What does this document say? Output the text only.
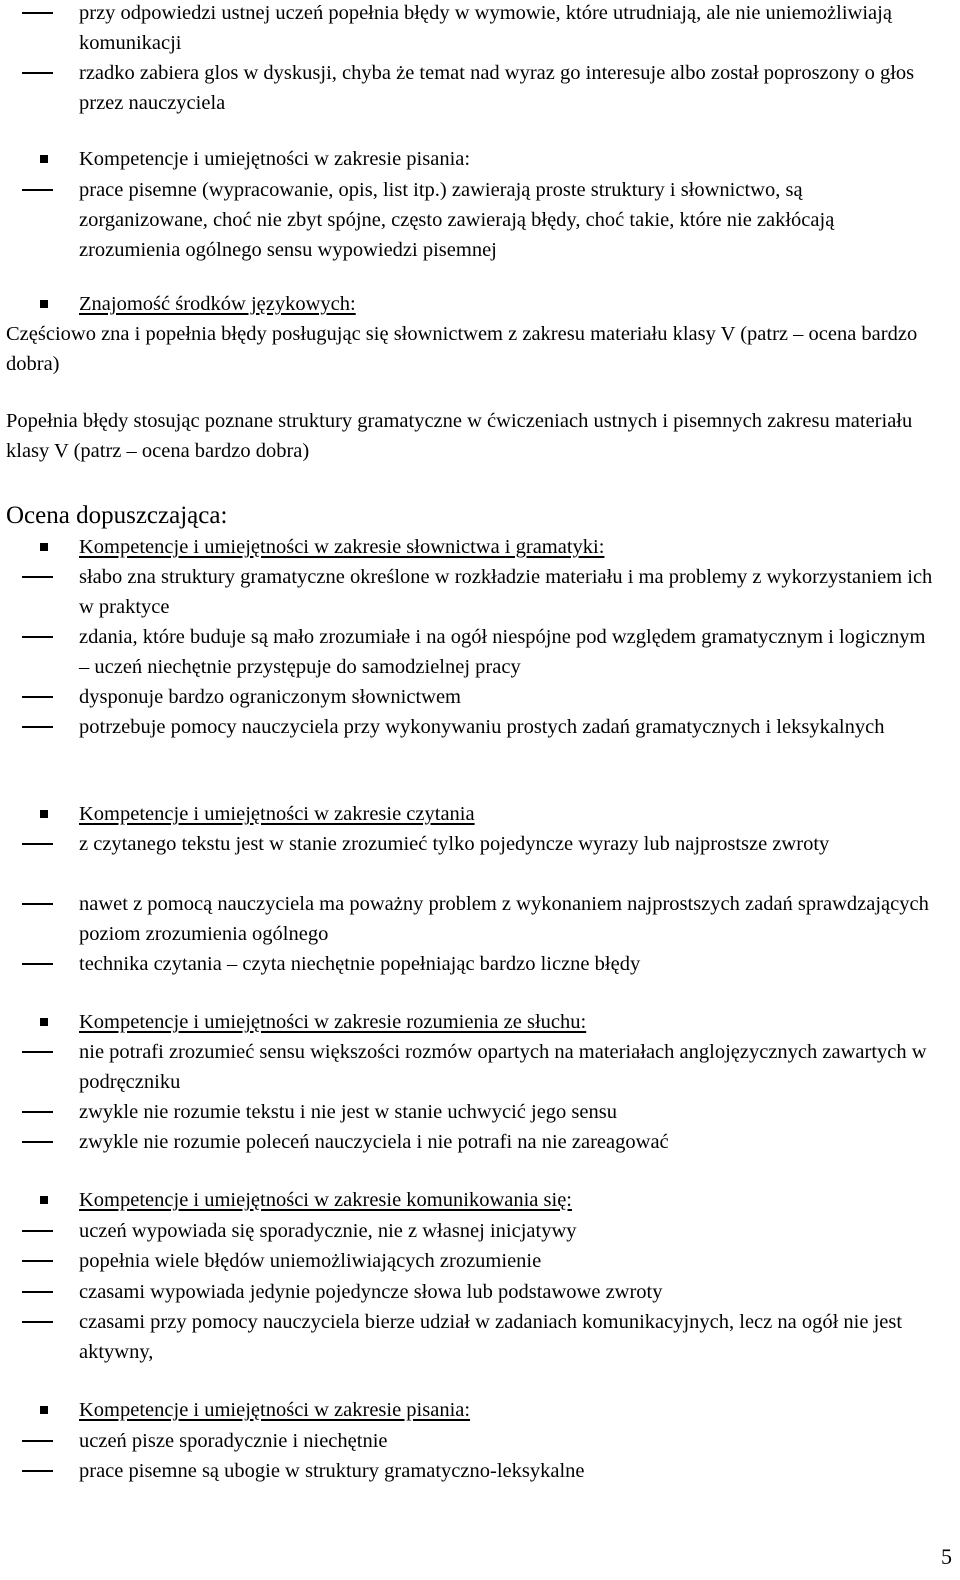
przy odpowiedzi ustnej uczeń popełnia błędy w wymowie, które utrudniają, ale nie uniemożliwiają komunikacji
rzadko zabiera glos w dyskusji, chyba że temat nad wyraz go interesuje albo został poproszony o głos przez nauczyciela
Kompetencje i umiejętności w zakresie pisania:
prace pisemne (wypracowanie, opis, list itp.) zawierają proste struktury i słownictwo, są zorganizowane, choć nie zbyt spójne, często zawierają błędy, choć takie, które nie zakłócają zrozumienia ogólnego sensu wypowiedzi pisemnej
Znajomość środków językowych:
Częściowo zna i popełnia błędy posługując się słownictwem z zakresu materiału klasy V (patrz – ocena bardzo dobra)
Popełnia błędy stosując poznane struktury gramatyczne w ćwiczeniach ustnych i pisemnych zakresu materiału klasy V (patrz – ocena bardzo dobra)
Ocena dopuszczająca:
Kompetencje i umiejętności w zakresie słownictwa i gramatyki:
słabo zna struktury gramatyczne określone w rozkładzie materiału i ma problemy z wykorzystaniem ich w praktyce
zdania, które buduje są mało zrozumiałe i na ogół niespójne pod względem gramatycznym i logicznym – uczeń niechętnie przystępuje do samodzielnej pracy
dysponuje bardzo ograniczonym słownictwem
potrzebuje pomocy nauczyciela przy wykonywaniu prostych zadań gramatycznych i leksykalnych
Kompetencje i umiejętności w zakresie czytania
z czytanego tekstu jest w stanie zrozumieć tylko pojedyncze wyrazy lub najprostsze zwroty
nawet z pomocą nauczyciela ma poważny problem z wykonaniem najprostszych zadań sprawdzających poziom zrozumienia ogólnego
technika czytania – czyta niechętnie popełniając bardzo liczne błędy
Kompetencje i umiejętności w zakresie rozumienia ze słuchu:
nie potrafi zrozumieć sensu większości rozmów opartych na materiałach anglojęzycznych zawartych w podręczniku
zwykle nie rozumie tekstu i nie jest w stanie uchwycić jego sensu
zwykle nie rozumie poleceń nauczyciela i nie potrafi na nie zareagować
Kompetencje i umiejętności w zakresie komunikowania się:
uczeń wypowiada się sporadycznie, nie z własnej inicjatywy
popełnia wiele błędów uniemożliwiających zrozumienie
czasami wypowiada jedynie pojedyncze słowa lub podstawowe zwroty
czasami przy pomocy nauczyciela bierze udział w zadaniach komunikacyjnych, lecz na ogół nie jest aktywny,
Kompetencje i umiejętności w zakresie pisania:
uczeń pisze sporadycznie i niechętnie
prace pisemne są ubogie w struktury gramatyczno-leksykalne
5
